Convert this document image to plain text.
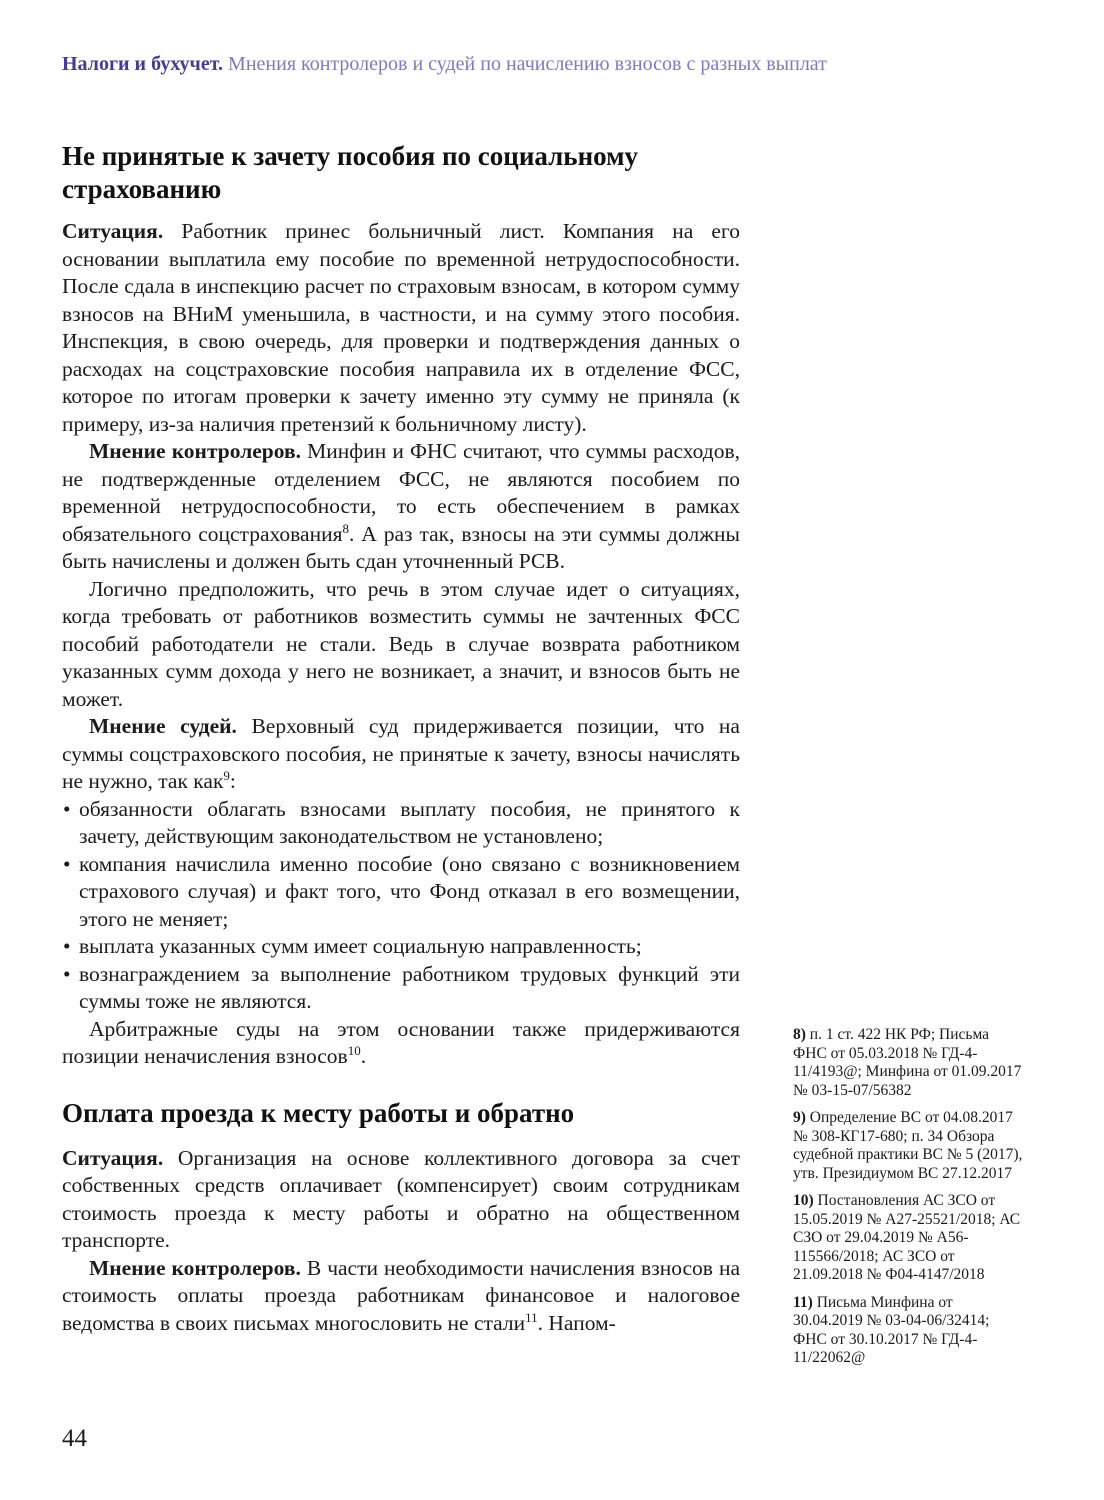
Налоги и бухучет. Мнения контролеров и судей по начислению взносов с разных выплат
Не принятые к зачету пособия по социальному страхованию

Ситуация. Работник принес больничный лист. Компания на его основании выплатила ему пособие по временной нетрудоспособности. После сдала в инспекцию расчет по страховым взносам, в котором сумму взносов на ВНиМ уменьшила, в частности, и на сумму этого пособия. Инспекция, в свою очередь, для проверки и подтверждения данных о расходах на соцстраховские пособия направила их в отделение ФСС, которое по итогам проверки к зачету именно эту сумму не приняла (к примеру, из-за наличия претензий к больничному листу).

Мнение контролеров. Минфин и ФНС считают, что суммы расходов, не подтвержденные отделением ФСС, не являются пособием по временной нетрудоспособности, то есть обеспечением в рамках обязательного соцстрахования$^8$. А раз так, взносы на эти суммы должны быть начислены и должен быть сдан уточненный РСВ.

Логично предположить, что речь в этом случае идет о ситуациях, когда требовать от работников возместить суммы не зачтенных ФСС пособий работодатели не стали. Ведь в случае возврата работником указанных сумм дохода у него не возникает, а значит, и взносов быть не может.

Мнение судей. Верховный суд придерживается позиции, что на суммы соцстраховского пособия, не принятые к зачету, взносы начислять не нужно, так как$^9$:

• обязанности облагать взносами выплату пособия, не принятого к зачету, действующим законодательством не установлено;

• компания начислила именно пособие (оно связано с возникновением страхового случая) и факт того, что Фонд отказал в его возмещении, этого не меняет;

• выплата указанных сумм имеет социальную направленность;

• вознаграждением за выполнение работником трудовых функций эти суммы тоже не являются.

Арбитражные суды на этом основании также придерживаются позиции неначисления взносов$^{10}$.

Оплата проезда к месту работы и обратно

Ситуация. Организация на основе коллективного договора за счет собственных средств оплачивает (компенсирует) своим сотрудникам стоимость проезда к месту работы и обратно на общественном транспорте.

Мнение контролеров. В части необходимости начисления взносов на стоимость оплаты проезда работникам финансовое и налоговое ведомства в своих письмах многословить не стали$^{11}$. Напом-

8) п. 1 ст. 422 НК РФ; Письма ФНС от 05.03.2018 № ГД-4-11/4193@; Минфина от 01.09.2017 № 03-15-07/56382
9) Определение ВС от 04.08.2017 № 308-КГ17-680; п. 34 Обзора судебной практики ВС № 5 (2017), утв. Президиумом ВС 27.12.2017
10) Постановления АС ЗСО от 15.05.2019 № А27-25521/2018; АС СЗО от 29.04.2019 № А56-115566/2018; АС ЗСО от 21.09.2018 № Ф04-4147/2018
11) Письма Минфина от 30.04.2019 № 03-04-06/32414; ФНС от 30.10.2017 № ГД-4-11/22062@
44
